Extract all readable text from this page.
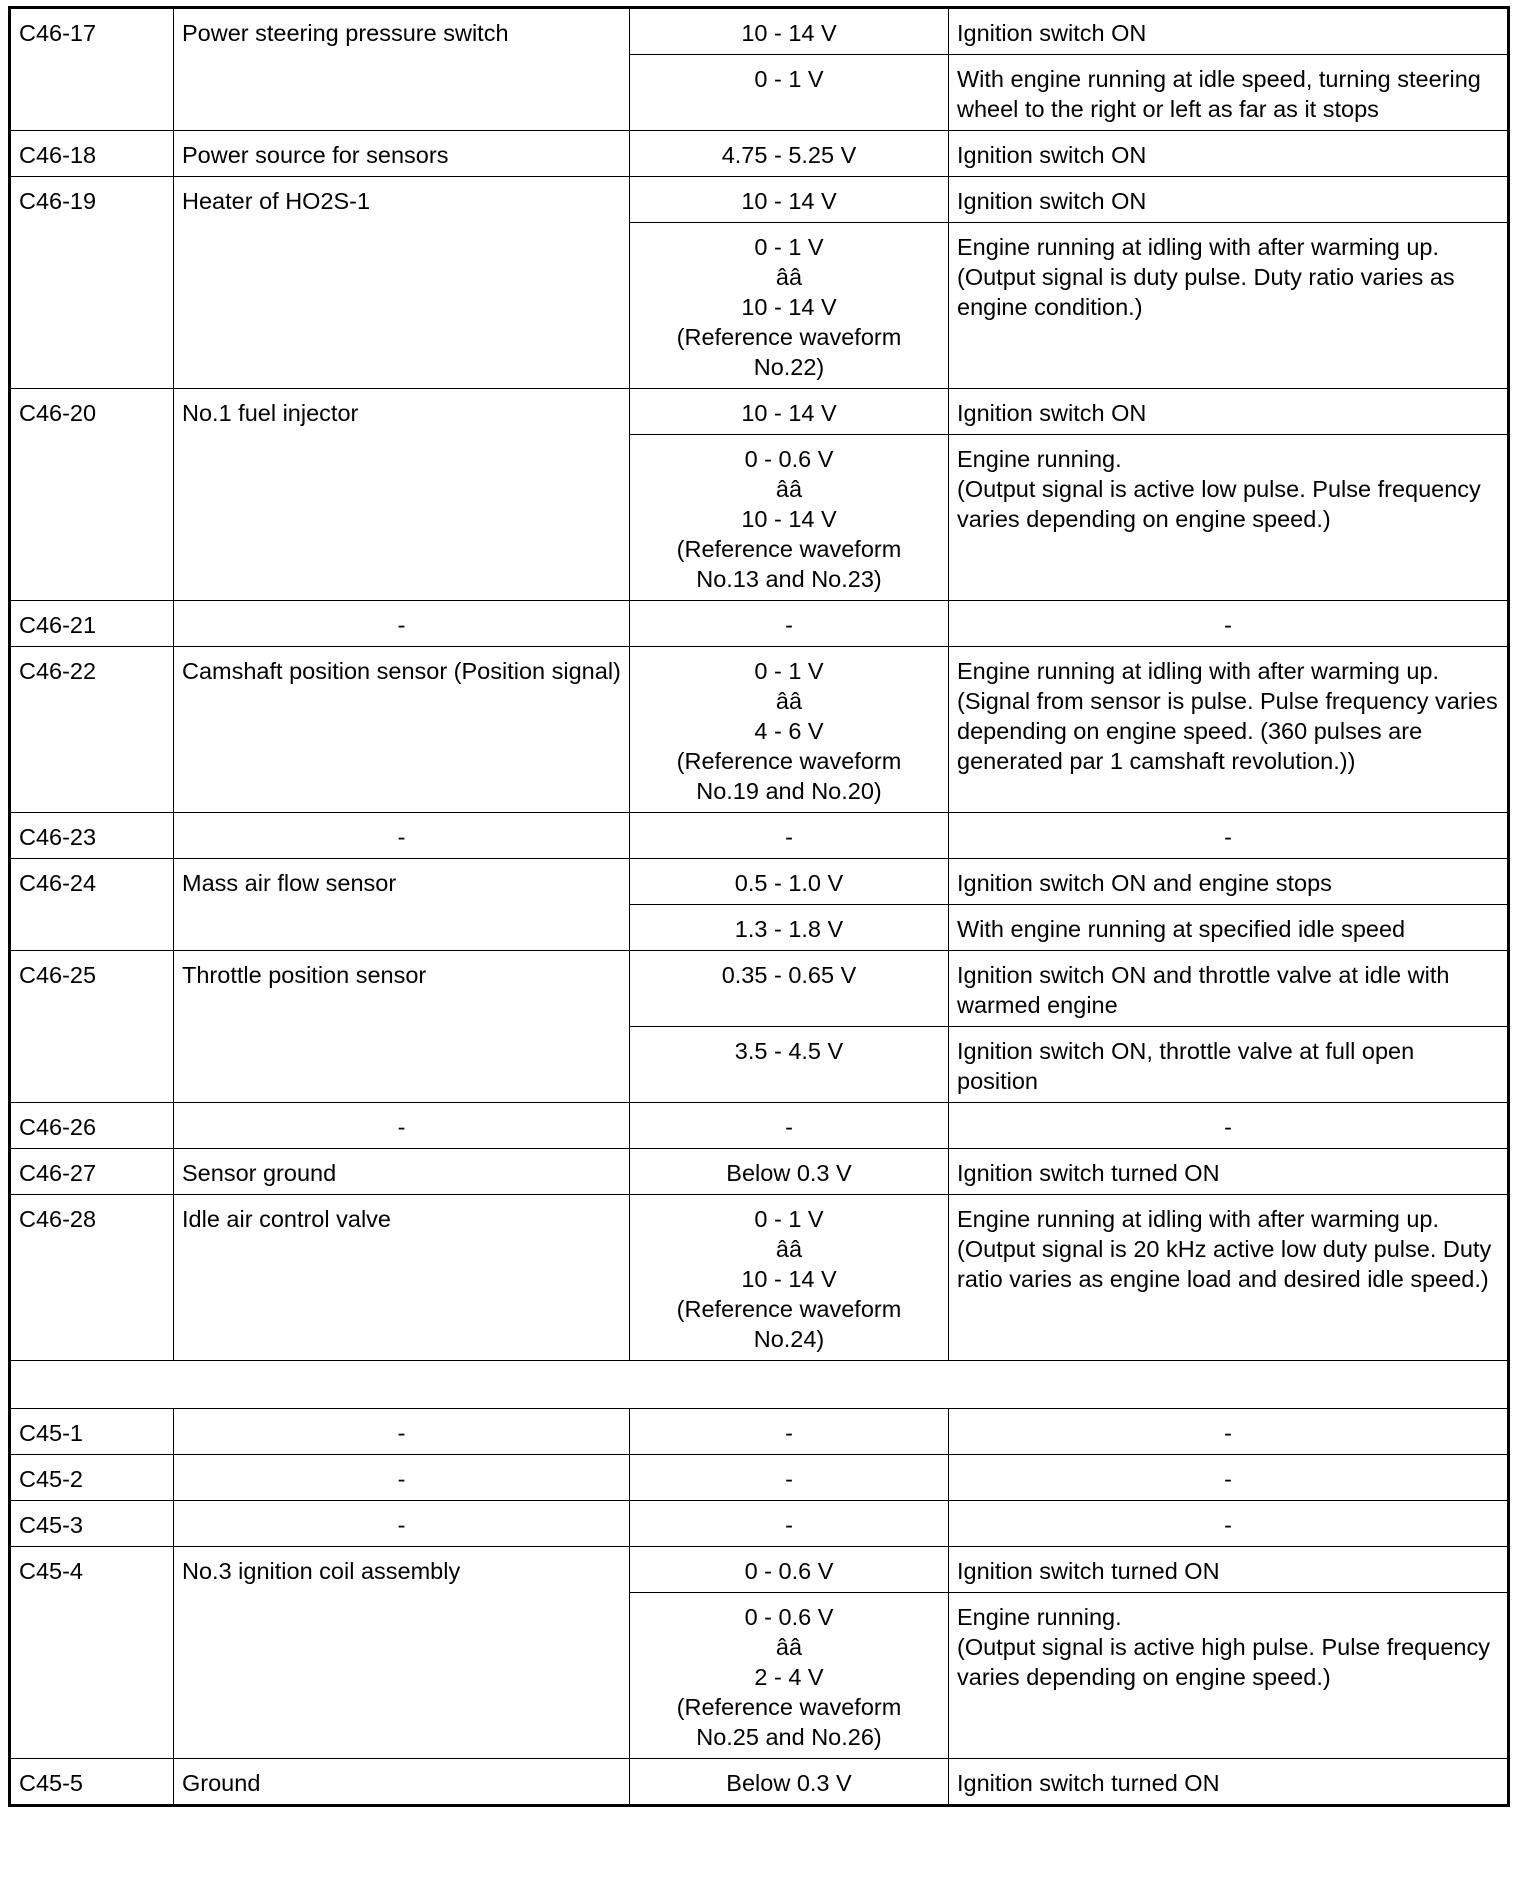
C46-17	Power steering pressure switch	10 - 14 V	Ignition switch ON

		0 - 1 V	With engine running at idle speed, turning steering wheel to the right or left as far as it stops
C46-18	Power source for sensors	4.75 - 5.25 V	Ignition switch ON
C46-19	Heater of HO2S-1	10 - 14 V	Ignition switch ON

		0 - 1 V
ââ
10 - 14 V
(Reference waveform
No.22)	Engine running at idling with after warming up. (Output signal is duty pulse. Duty ratio varies as engine condition.)
C46-20	No.1 fuel injector	10 - 14 V	Ignition switch ON

		0 - 0.6 V
ââ
10 - 14 V
(Reference waveform
No.13 and No.23)	Engine running.
(Output signal is active low pulse. Pulse frequency varies depending on engine speed.)

C46-21	-	-	-
C46-22	Camshaft position sensor (Position signal)	0 - 1 V
ââ
4 - 6 V
(Reference waveform
No.19 and No.20)	Engine running at idling with after warming up. (Signal from sensor is pulse. Pulse frequency varies depending on engine speed. (360 pulses are generated par 1 camshaft revolution.))
C46-23	-	-	-
C46-24	Mass air flow sensor	0.5 - 1.0 V	Ignition switch ON and engine stops

		1.3 - 1.8 V	With engine running at specified idle speed
C46-25	Throttle position sensor	0.35 - 0.65 V	Ignition switch ON and throttle valve at idle with warmed engine

		3.5 - 4.5 V	Ignition switch ON, throttle valve at full open position
C46-26	-	-	-
C46-27	Sensor ground	Below 0.3 V	Ignition switch turned ON
C46-28	Idle air control valve	0 - 1 V
ââ
10 - 14 V
(Reference waveform
No.24)	Engine running at idling with after warming up. (Output signal is 20 kHz active low duty pulse. Duty ratio varies as engine load and desired idle speed.)

C45-1	-	-	-
C45-2	-	-	-
C45-3	-	-	-
C45-4	No.3 ignition coil assembly	0 - 0.6 V	Ignition switch turned ON

		0 - 0.6 V
ââ
2 - 4 V
(Reference waveform
No.25 and No.26)	Engine running.
(Output signal is active high pulse. Pulse frequency varies depending on engine speed.)

C45-5	Ground	Below 0.3 V	Ignition switch turned ON
